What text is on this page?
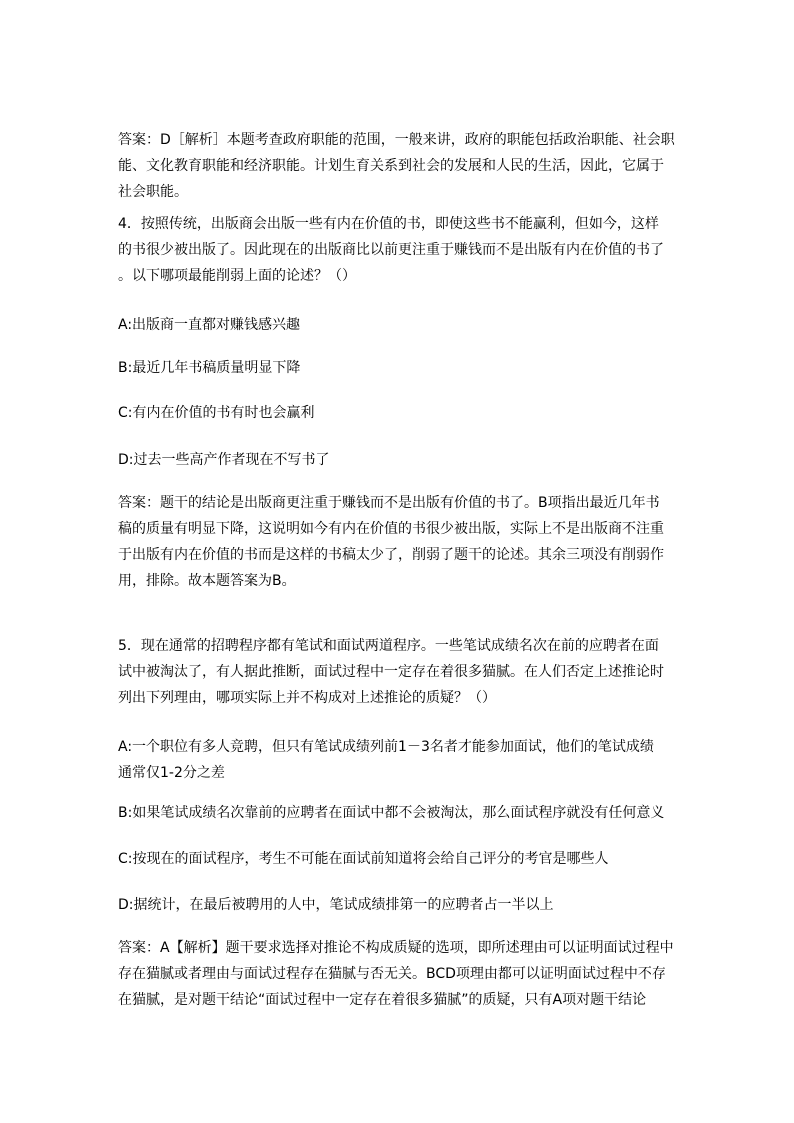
答案：D［解析］本题考查政府职能的范围，一般来讲，政府的职能包括政治职能、社会职
能、文化教育职能和经济职能。计划生育关系到社会的发展和人民的生活，因此，它属于
社会职能。
4．按照传统，出版商会出版一些有内在价值的书，即使这些书不能赢利，但如今，这样
的书很少被出版了。因此现在的出版商比以前更注重于赚钱而不是出版有内在价值的书了
。以下哪项最能削弱上面的论述？（）
A:出版商一直都对赚钱感兴趣
B:最近几年书稿质量明显下降
C:有内在价值的书有时也会赢利
D:过去一些高产作者现在不写书了
答案：题干的结论是出版商更注重于赚钱而不是出版有价值的书了。B项指出最近几年书
稿的质量有明显下降，这说明如今有内在价值的书很少被出版，实际上不是出版商不注重
于出版有内在价值的书而是这样的书稿太少了，削弱了题干的论述。其余三项没有削弱作
用，排除。故本题答案为B。
5．现在通常的招聘程序都有笔试和面试两道程序。一些笔试成绩名次在前的应聘者在面
试中被淘汰了，有人据此推断，面试过程中一定存在着很多猫腻。在人们否定上述推论时
列出下列理由，哪项实际上并不构成对上述推论的质疑？（）
A:一个职位有多人竞聘，但只有笔试成绩列前1－3名者才能参加面试，他们的笔试成绩
通常仅1-2分之差
B:如果笔试成绩名次靠前的应聘者在面试中都不会被淘汰，那么面试程序就没有任何意义
C:按现在的面试程序，考生不可能在面试前知道将会给自己评分的考官是哪些人
D:据统计，在最后被聘用的人中，笔试成绩排第一的应聘者占一半以上
答案：A【解析】题干要求选择对推论不构成质疑的选项，即所述理由可以证明面试过程中
存在猫腻或者理由与面试过程存在猫腻与否无关。BCD项理由都可以证明面试过程中不存
在猫腻，是对题干结论“面试过程中一定存在着很多猫腻”的质疑，只有A项对题干结论
